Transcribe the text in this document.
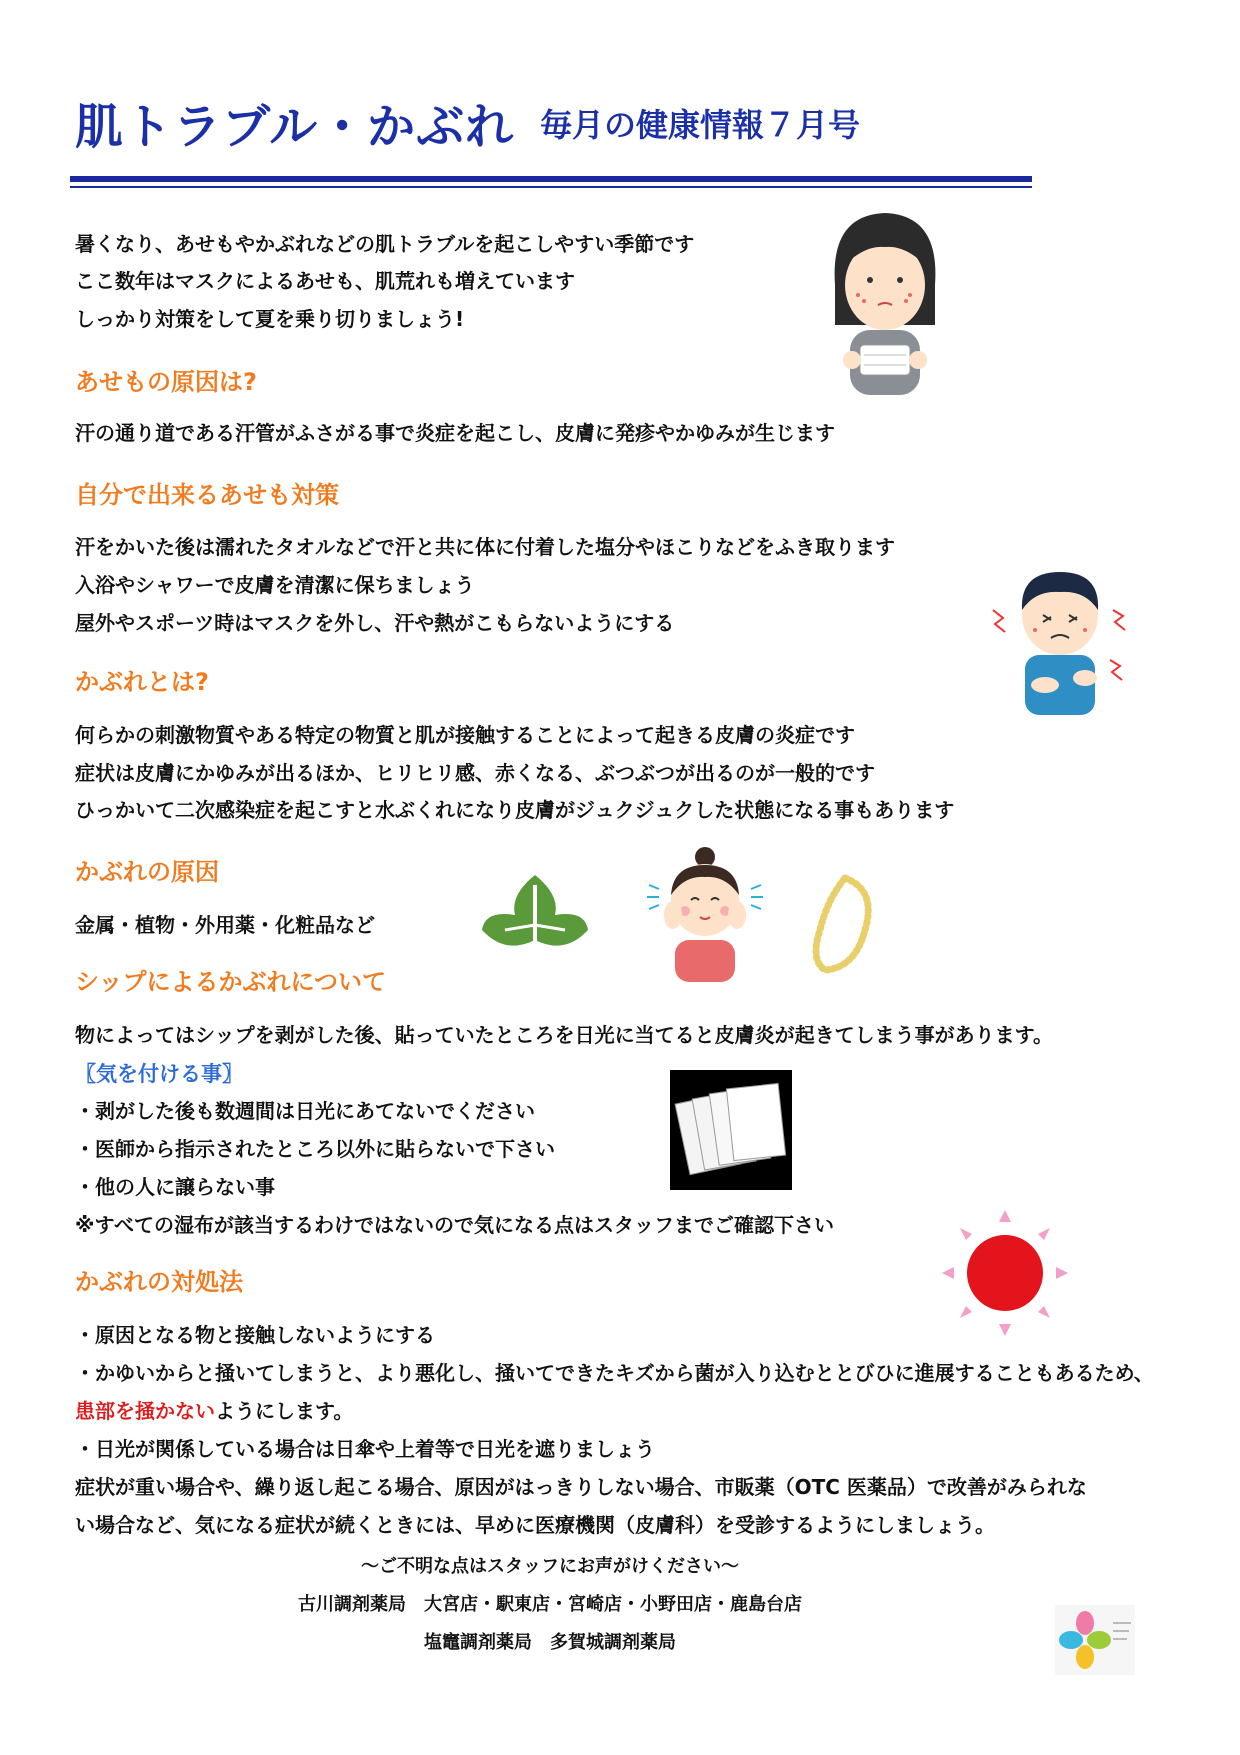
肌トラブル・かぶれ 毎月の健康情報７月号
暑くなり、あせもやかぶれなどの肌トラブルを起こしやすい季節です
ここ数年はマスクによるあせも、肌荒れも増えています
しっかり対策をして夏を乗り切りましょう!
あせもの原因は?
汗の通り道である汗管がふさがる事で炎症を起こし、皮膚に発疹やかゆみが生じます
自分で出来るあせも対策
汗をかいた後は濡れたタオルなどで汗と共に体に付着した塩分やほこりなどをふき取ります
入浴やシャワーで皮膚を清潔に保ちましょう
屋外やスポーツ時はマスクを外し、汗や熱がこもらないようにする
かぶれとは?
何らかの刺激物質やある特定の物質と肌が接触することによって起きる皮膚の炎症です
症状は皮膚にかゆみが出るほか、ヒリヒリ感、赤くなる、ぶつぶつが出るのが一般的です
ひっかいて二次感染症を起こすと水ぶくれになり皮膚がジュクジュクした状態になる事もあります
かぶれの原因
金属・植物・外用薬・化粧品など
シップによるかぶれについて
物によってはシップを剥がした後、貼っていたところを日光に当てると皮膚炎が起きてしまう事があります。
〖気を付ける事〗
・剥がした後も数週間は日光にあてないでください
・医師から指示されたところ以外に貼らないで下さい
・他の人に譲らない事
※すべての湿布が該当するわけではないので気になる点はスタッフまでご確認下さい
かぶれの対処法
・原因となる物と接触しないようにする
・かゆいからと掻いてしまうと、より悪化し、掻いてできたキズから菌が入り込むととびひに進展することもあるため、
患部を掻かないようにします。
・日光が関係している場合は日傘や上着等で日光を遮りましょう
症状が重い場合や、繰り返し起こる場合、原因がはっきりしない場合、市販薬（OTC 医薬品）で改善がみられな
い場合など、気になる症状が続くときには、早めに医療機関（皮膚科）を受診するようにしましょう。
～ご不明な点はスタッフにお声がけください～
古川調剤薬局　大宮店・駅東店・宮崎店・小野田店・鹿島台店
塩竈調剤薬局　多賀城調剤薬局
